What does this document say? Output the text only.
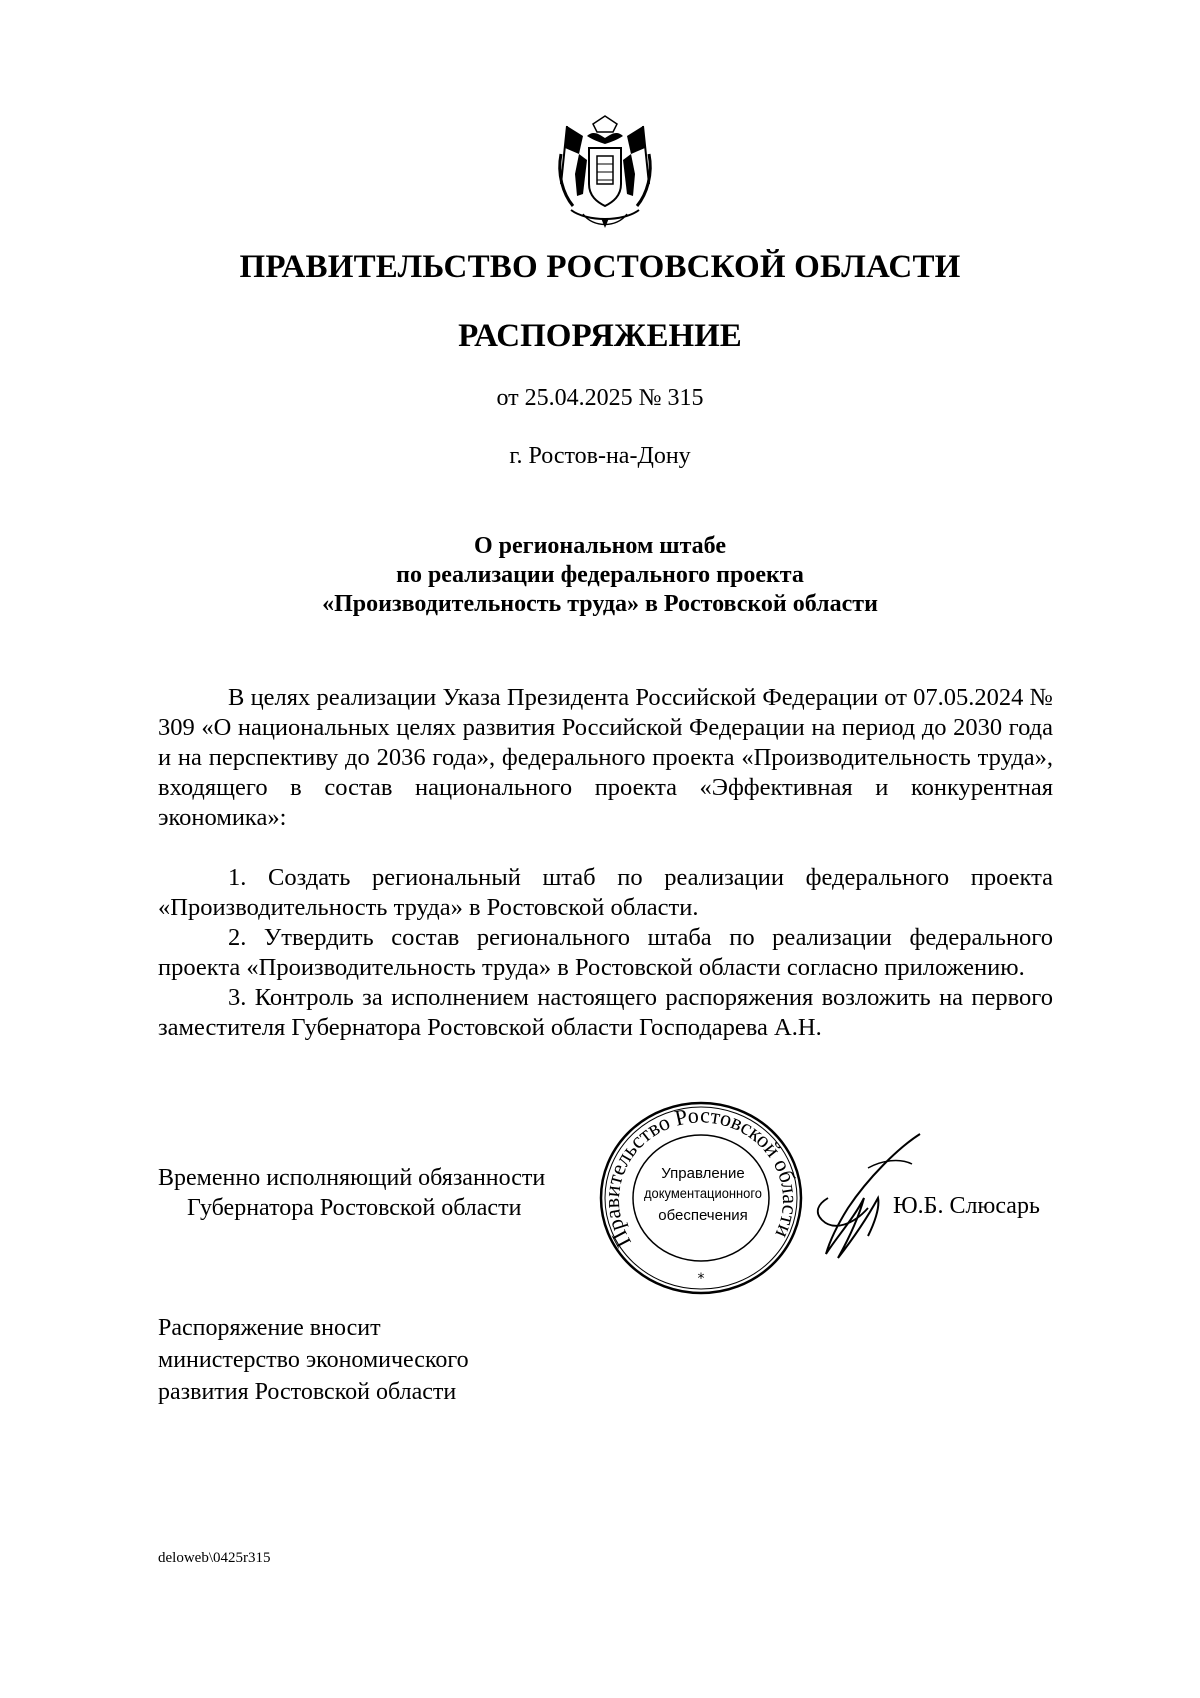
ПРАВИТЕЛЬСТВО РОСТОВСКОЙ ОБЛАСТИ
РАСПОРЯЖЕНИЕ
от 25.04.2025 № 315
г. Ростов-на-Дону
О региональном штабе
по реализации федерального проекта
«Производительность труда» в Ростовской области

В целях реализации Указа Президента Российской Федерации от 07.05.2024 № 309 «О национальных целях развития Российской Федерации на период до 2030 года и на перспективу до 2036 года», федерального проекта «Производительность труда», входящего в состав национального проекта «Эффективная и конкурентная экономика»:

1. Создать региональный штаб по реализации федерального проекта «Производительность труда» в Ростовской области.

2. Утвердить состав регионального штаба по реализации федерального проекта «Производительность труда» в Ростовской области согласно приложению.

3. Контроль за исполнением настоящего распоряжения возложить на первого заместителя Губернатора Ростовской области Господарева А.Н.

Временно исполняющий обязанности
Губернатора Ростовской области
Правительство Ростовской области
Управление
документационного
обеспечения
*
Ю.Б. Слюсарь
Распоряжение вносит
министерство экономического
развития Ростовской области
deloweb\0425r315
